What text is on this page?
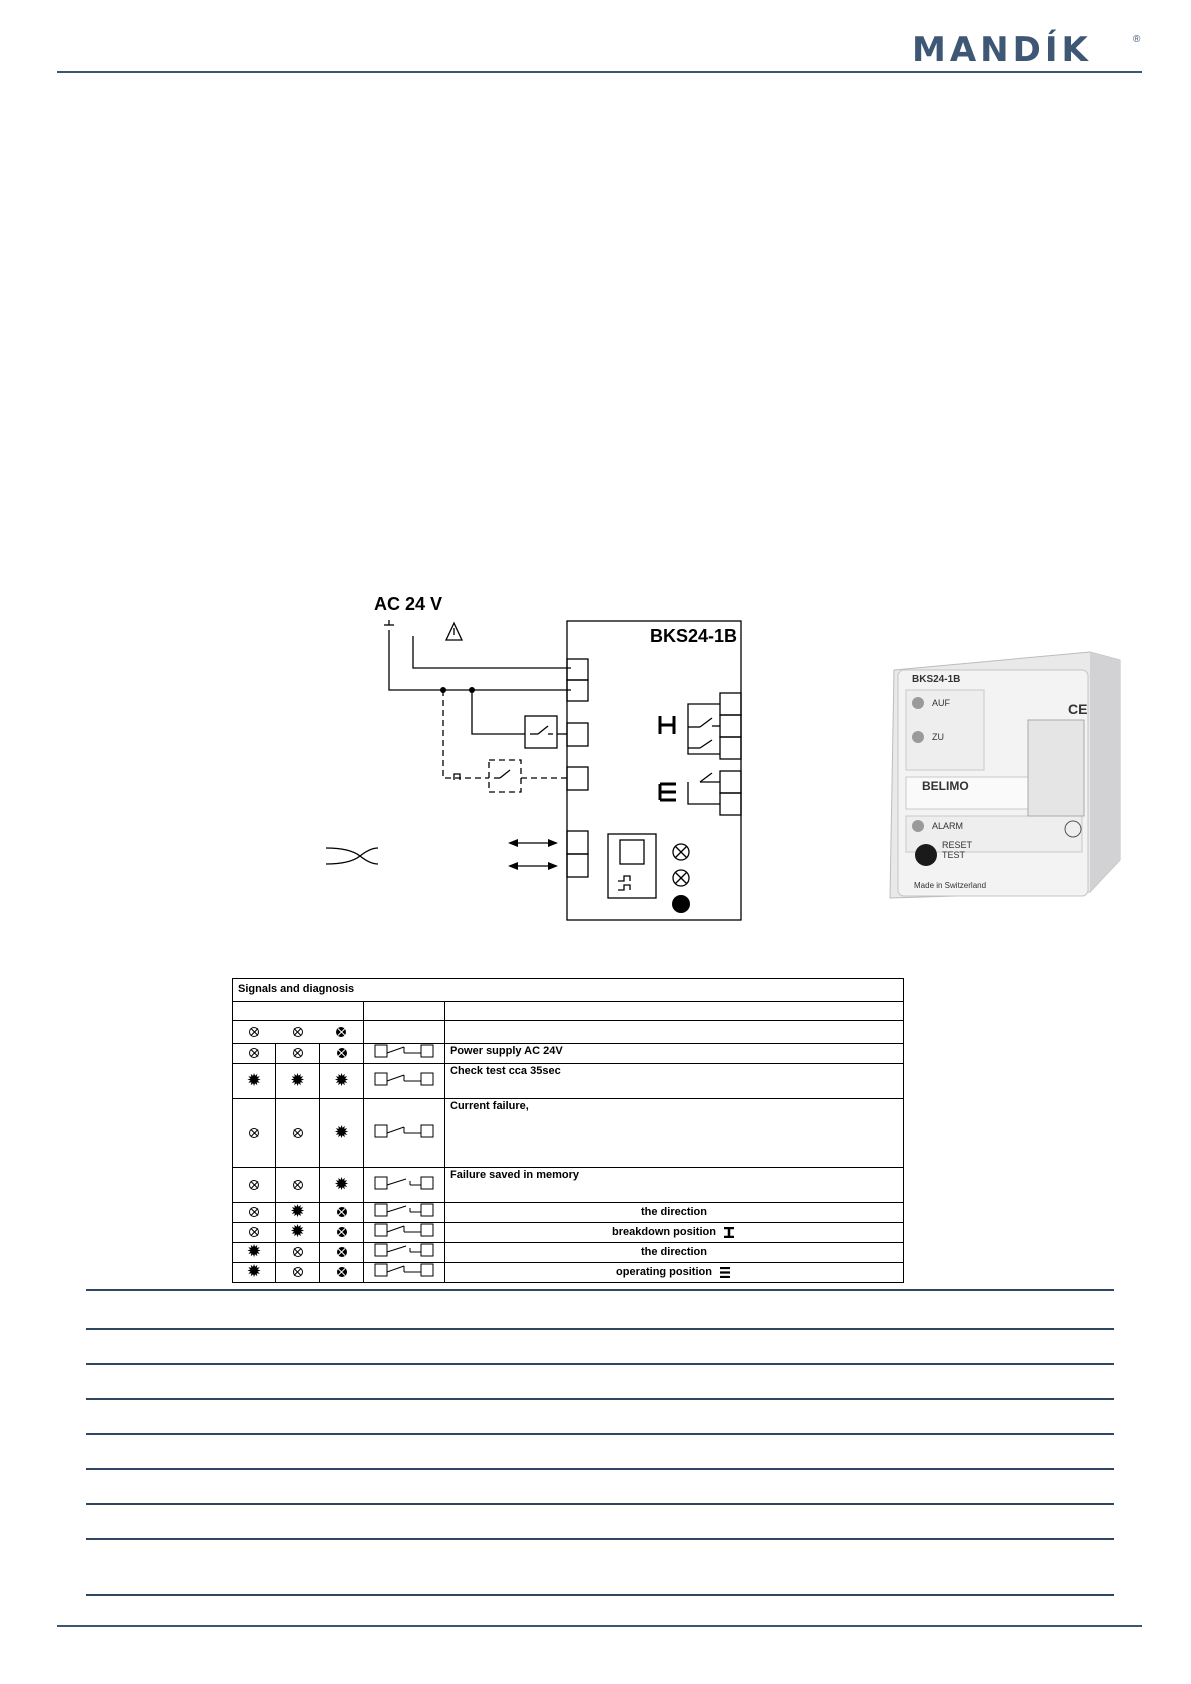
MANDÍK	®
AC 24 V
BKS24-1B
BKS24-1B
AUF
ZU
BELIMO
ALARM
RESET
TEST
Made in Switzerland
CE
Signals and diagnosis				

				Power supply AC 24V
✹	✹	✹		Check test cca 35sec
		✹		Current failure,
		✹		Failure saved in memory
	✹			the direction
	✹			breakdown position
✹				the direction
✹				operating position
